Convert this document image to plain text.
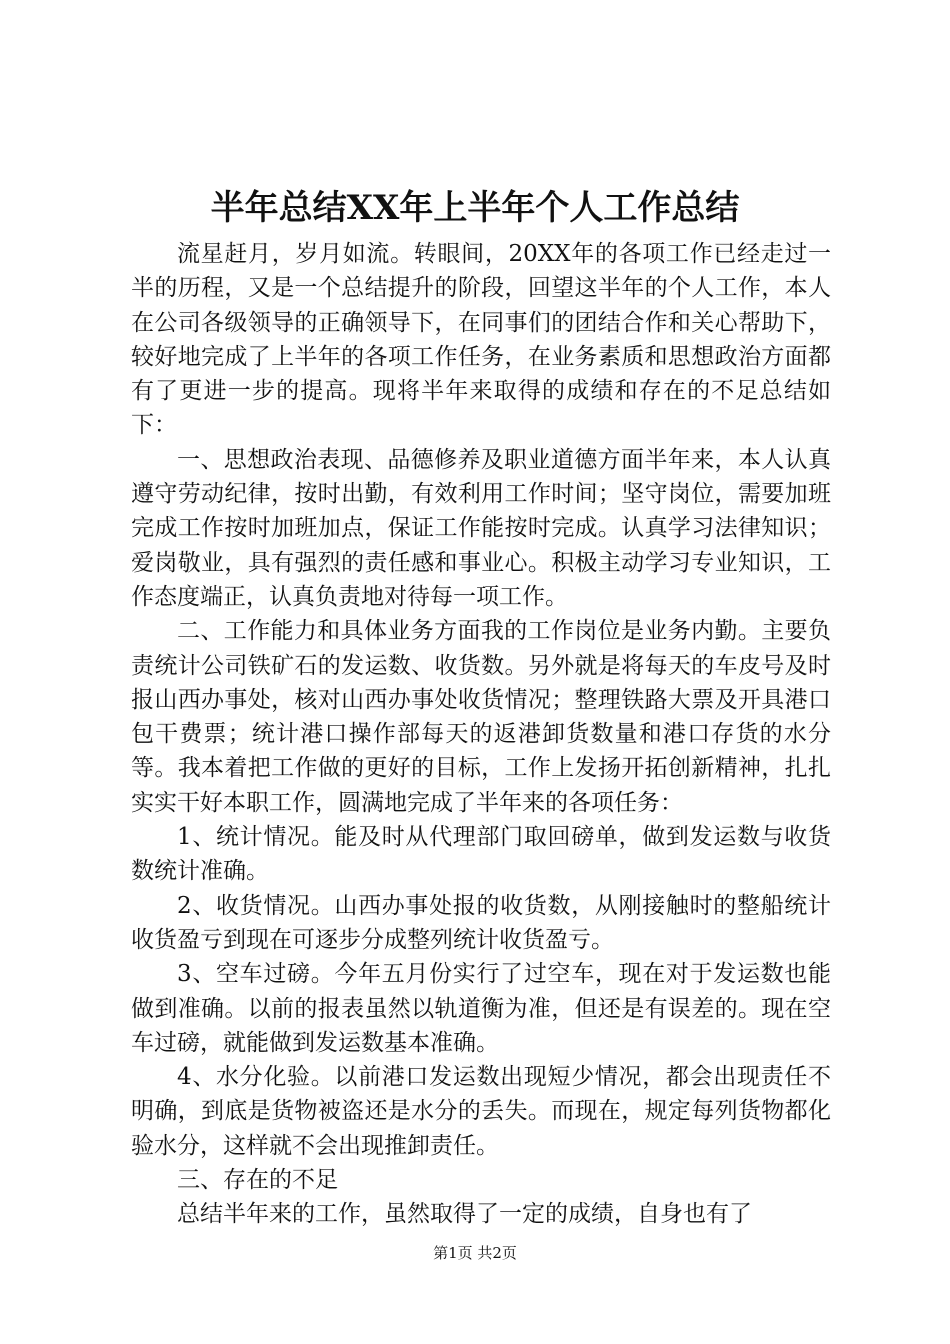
半年总结XX年上半年个人工作总结

流星赶月，岁月如流。转眼间，20XX年的各项工作已经走过一半的历程，又是一个总结提升的阶段，回望这半年的个人工作，本人在公司各级领导的正确领导下，在同事们的团结合作和关心帮助下，较好地完成了上半年的各项工作任务，在业务素质和思想政治方面都有了更进一步的提高。现将半年来取得的成绩和存在的不足总结如下：

一、思想政治表现、品德修养及职业道德方面半年来，本人认真遵守劳动纪律，按时出勤，有效利用工作时间；坚守岗位，需要加班完成工作按时加班加点，保证工作能按时完成。认真学习法律知识；爱岗敬业，具有强烈的责任感和事业心。积极主动学习专业知识，工作态度端正，认真负责地对待每一项工作。

二、工作能力和具体业务方面我的工作岗位是业务内勤。主要负责统计公司铁矿石的发运数、收货数。另外就是将每天的车皮号及时报山西办事处，核对山西办事处收货情况；整理铁路大票及开具港口包干费票；统计港口操作部每天的返港卸货数量和港口存货的水分等。我本着把工作做的更好的目标，工作上发扬开拓创新精神，扎扎实实干好本职工作，圆满地完成了半年来的各项任务：

1、统计情况。能及时从代理部门取回磅单，做到发运数与收货数统计准确。

2、收货情况。山西办事处报的收货数，从刚接触时的整船统计收货盈亏到现在可逐步分成整列统计收货盈亏。

3、空车过磅。今年五月份实行了过空车，现在对于发运数也能做到准确。以前的报表虽然以轨道衡为准，但还是有误差的。现在空车过磅，就能做到发运数基本准确。

4、水分化验。以前港口发运数出现短少情况，都会出现责任不明确，到底是货物被盗还是水分的丢失。而现在，规定每列货物都化验水分，这样就不会出现推卸责任。

三、存在的不足

总结半年来的工作，虽然取得了一定的成绩，自身也有了

第1页 共2页
